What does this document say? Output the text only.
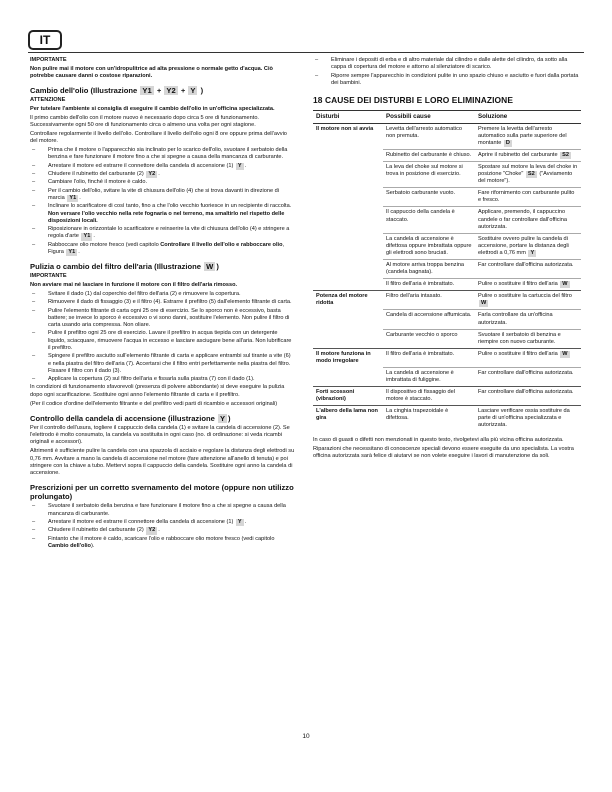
IT

IMPORTANTE

Non pulire mai il motore con un'idropulitrice ad alta pressione o normale getto d'acqua. Ciò potrebbe causare danni o costose riparazioni.

Cambio dell'olio (Illustrazione Y1 + Y2 + Y )

ATTENZIONE

Per tutelare l'ambiente si consiglia di eseguire il cambio dell'olio in un'officina specializzata.

Il primo cambio dell'olio con il motore nuovo è necessario dopo circa 5 ore di funzionamento. Successivamente ogni 50 ore di funzionamento circa o almeno una volta per ogni stagione.

Controllare regolarmente il livello dell'olio. Controllare il livello dell'olio ogni 8 ore oppure prima dell'avvio del motore.

– Prima che il motore o l'apparecchio sia inclinato per lo scarico dell'olio, svuotare il serbatoio della benzina e fare funzionare il motore fino a che si spegne a causa della mancanza di carburante.
– Arrestare il motore ed estrarre il connettore della candela di accensione (1) Y .
– Chiudere il rubinetto del carburante (2) Y2 .
– Cambiare l'olio, finché il motore è caldo.
– Per il cambio dell'olio, svitare la vite di chiusura dell'olio (4) che si trova davanti in direzione di marcia Y1 .
– Inclinare lo scarificatore di così tanto, fino a che l'olio vecchio fuoriesce in un recipiente di raccolta.
Non versare l'olio vecchio nella rete fognaria o nel terreno, ma smaltirlo nel rispetto delle disposizioni locali.
– Riposizionare in orizzontale lo scarificatore e reinserire la vite di chiusura dell'olio (4) e stringere a regola d'arte Y1 .
– Rabboccare olio motore fresco (vedi capitolo Controllare il livello dell'olio e rabboccare olio, Figura Y1 .
Pulizia o cambio del filtro dell'aria (Illustrazione W )

IMPORTANTE

Non avviare mai né lasciare in funzione il motore con il filtro dell'aria rimosso.

– Svitare il dado (1) dal coperchio del filtro dell'aria (2) e rimuovere la copertura.
– Rimuovere il dado di fissaggio (3) e il filtro (4). Estrarre il prefiltro (5) dall'elemento filtrante di carta.
– Pulire l'elemento filtrante di carta ogni 25 ore di esercizio. Se lo sporco non è eccessivo, basta battere; se invece lo sporco è eccessivo o vi sono danni, sostituire l'elemento. Non pulire il filtro di carta usando aria compressa. Non oliare.
– Pulire il prefiltro ogni 25 ore di esercizio. Lavare il prefiltro in acqua tiepida con un detergente liquido, sciacquare, rimuovere l'acqua in eccesso e lasciare asciugare bene all'aria. Non lubrificare il prefiltro.
– Spingere il prefiltro asciutto sull'elemento filtrante di carta e applicare entrambi sul tirante a vite (6) e nella piastra del filtro dell'aria (7). Accertarsi che il filtro entri perfettamente nella piastra del filtro. Fissare il filtro con il dado (3).
– Applicare la copertura (2) sul filtro dell'aria e fissarla sulla piastra (7) con il dado (1).

In condizioni di funzionamento sfavorevoli (presenza di polvere abbondante) si deve eseguire la pulizia dopo ogni scarificazione. Sostituire ogni anno l'elemento filtrante di carta e il prefiltro.

(Per il codice d'ordine dell'elemento filtrante e del prefiltro vedi parti di ricambio e accessori originali)

Controllo della candela di accensione (illustrazione Y )

Per il controllo dell'usura, togliere il cappuccio della candela (1) e svitare la candela di accensione (2). Se l'elettrodo è molto consumato, la candela va sostituita in ogni caso (no. di ordinazione: si veda ricambi originali e accessori).

Altrimenti è sufficiente pulire la candela con una spazzola di acciaio e regolare la distanza degli elettrodi su 0,76 mm. Avvitare a mano la candela di accensione nel motore (fare attenzione all'anello di tenuta) e poi stringere con la chiave a tubo. Mettervi sopra il cappuccio della candela. Sostituire ogni anno la candela di accensione.

Prescrizioni per un corretto svernamento del motore (oppure non utilizzo prolungato)
– Svuotare il serbatoio della benzina e fare funzionare il motore fino a che si spegne a causa della mancanza di carburante.
– Arrestare il motore ed estrarre il connettore della candela di accensione (1) Y .
– Chiudere il rubinetto del carburante (2) Y2 .
– Fintanto che il motore è caldo, scaricare l'olio e rabboccare olio motore fresco (vedi capitolo Cambio dell'olio).
– Eliminare i depositi di erba e di altro materiale dal cilindro e dalle alette del cilindro, da sotto alla cappa di copertura del motore e attorno al silenziatore di scarico.
– Riporre sempre l'apparecchio in condizioni pulite in uno spazio chiuso e asciutto e fuori dalla portata dei bambini.
18 CAUSE DEI DISTURBI E LORO ELIMINAZIONE
Disturbi	Possibili cause	Soluzione
Il motore non si avvia	Levetta dell'arresto automatico non premuta.	Premere la levetta dell'arresto automatico sulla parte superiore del montante D
	Rubinetto del carburante è chiuso.	Aprire il rubinetto del carburante S2
	La leva del choke sul motore si trova in posizione di esercizio.	Spostare sul motore la leva del choke in posizione "Choke" S2 ("Avviamento del motore").
	Serbatoio carburante vuoto.	Fare rifornimento con carburante pulito e fresco.
	Il cappuccio della candela è staccato.	Applicare, premendo, il cappuccino candele o far controllare dall'officina autorizzata.
	La candela di accensione è difettosa oppure imbrattata oppure gli elettrodi sono bruciati.	Sostituire ovvero pulire la candela di accensione, portare la distanza degli elettrodi a 0,76 mm Y
	Al motore arriva troppa benzina (candela bagnata).	Far controllare dall'officina autorizzata.
	Il filtro dell'aria è imbrattato.	Pulire o sostituire il filtro dell'aria W
Potenza del motore ridotta	Filtro dell'aria intasato.	Pulire o sostituire la cartuccia del filtro W
	Candela di accensione affumicata.	Farla controllare da un'officina autorizzata.
	Carburante vecchio o sporco	Svuotare il serbatoio di benzina e riempire con nuovo carburante.
Il motore funziona in modo irregolare	Il filtro dell'aria è imbrattato.	Pulire o sostituire il filtro dell'aria W
	La candela di accensione è imbrattata di fuliggine.	Far controllare dall'officina autorizzata.
Forti scossoni (vibrazioni)	Il dispositivo di fissaggio del motore è staccato.	Far controllare dall'officina autorizzata.
L'albero della lama non gira	La cinghia trapezoidale è difettosa.	Lasciare verificare ossia sostituire da parte di un'officina specializzata e autorizzata.

In caso di guasti o difetti non menzionati in questo testo, rivolgetevi alla più vicina officina autorizzata.

Riparazioni che necessitano di conoscenze speciali devono essere eseguite da uno specialista. La vostra officina autorizzata sarà felice di aiutarvi se non volete eseguire i lavori di manutenzione da soli.

10
